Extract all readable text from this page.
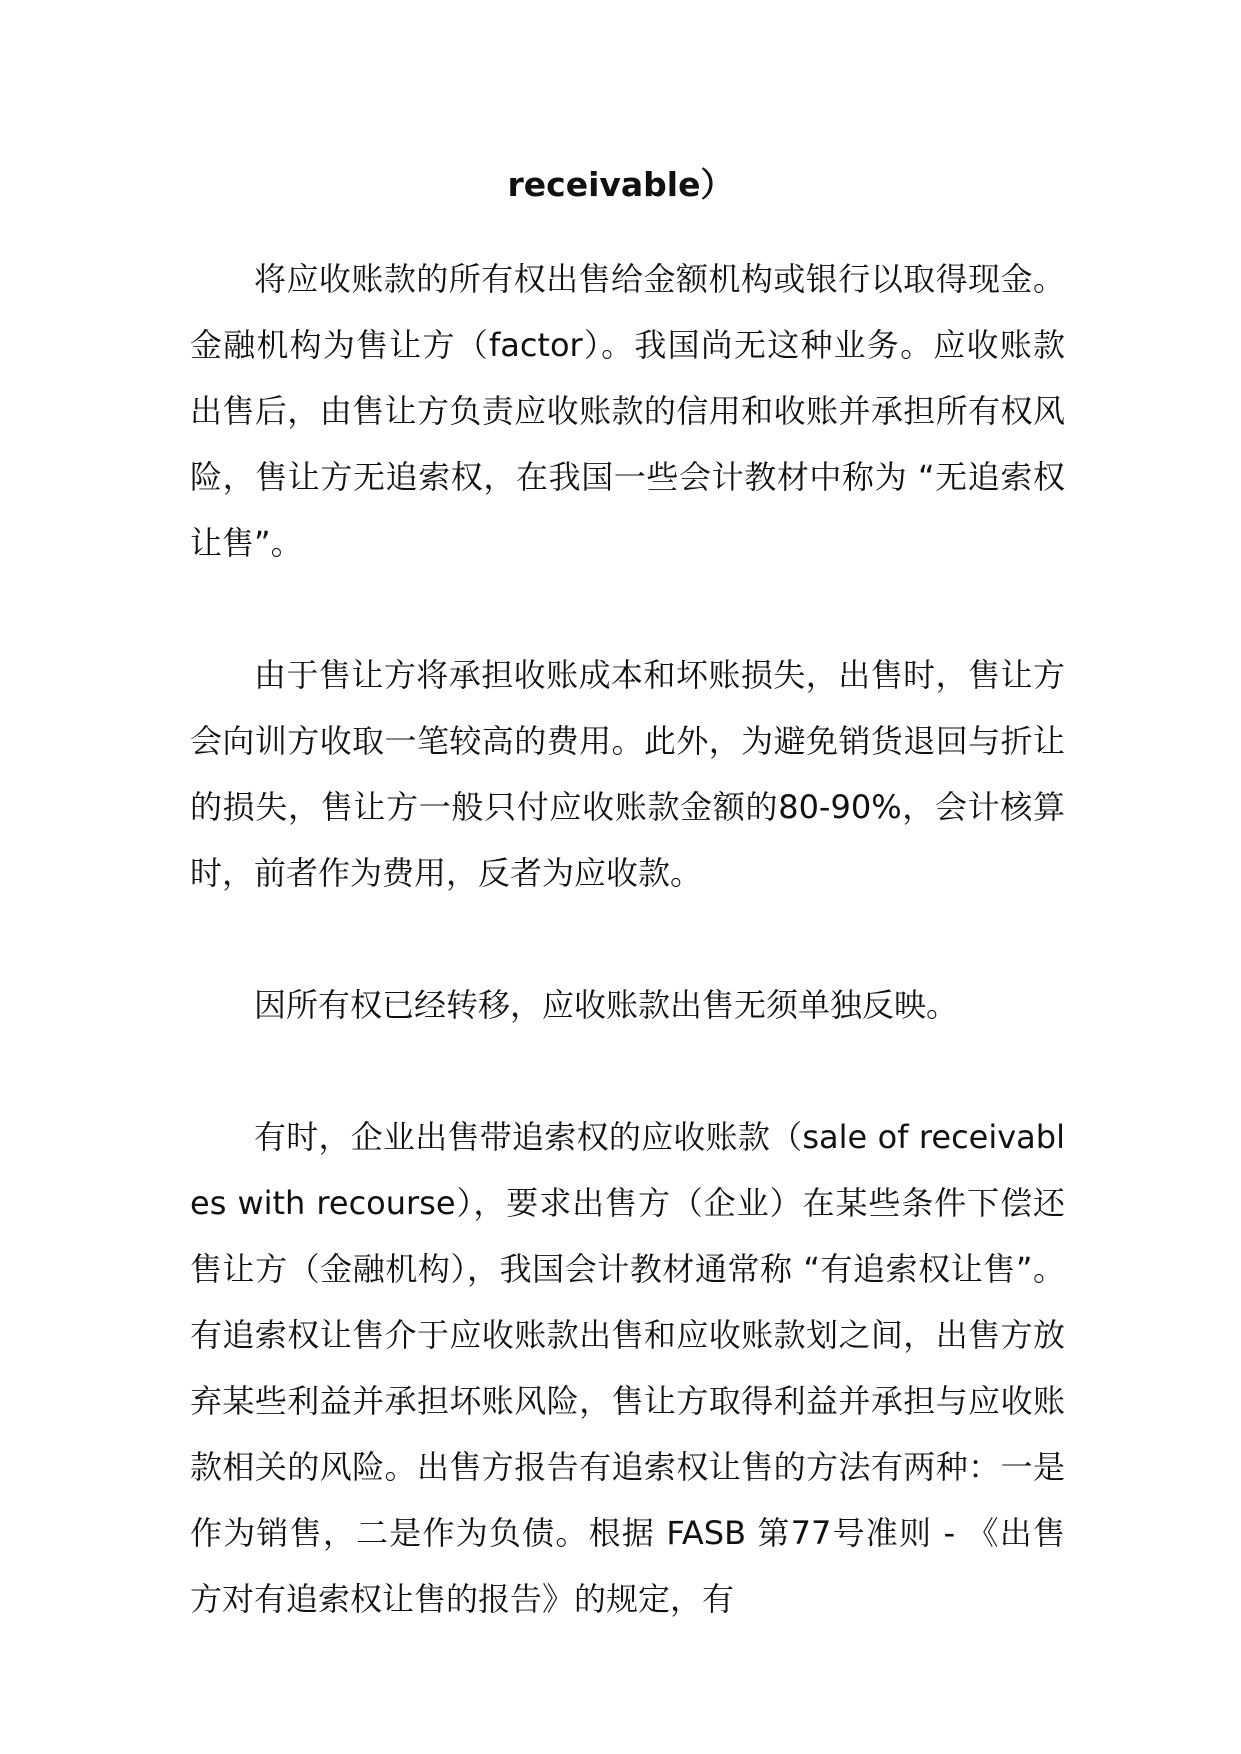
receivable）

将应收账款的所有权出售给金额机构或银行以取得现金。金融机构为售让方（factor）。我国尚无这种业务。应收账款出售后，由售让方负责应收账款的信用和收账并承担所有权风险，售让方无追索权，在我国一些会计教材中称为 “无追索权让售”。

由于售让方将承担收账成本和坏账损失，出售时，售让方会向训方收取一笔较高的费用。此外，为避免销货退回与折让的损失，售让方一般只付应收账款金额的80-90%，会计核算时，前者作为费用，反者为应收款。

因所有权已经转移，应收账款出售无须单独反映。

有时，企业出售带追索权的应收账款（sale of receivables with recourse），要求出售方（企业）在某些条件下偿还售让方（金融机构），我国会计教材通常称 “有追索权让售”。有追索权让售介于应收账款出售和应收账款划之间，出售方放弃某些利益并承担坏账风险，售让方取得利益并承担与应收账款相关的风险。出售方报告有追索权让售的方法有两种：一是作为销售，二是作为负债。根据 FASB 第77号准则 - 《出售方对有追索权让售的报告》的规定，有
